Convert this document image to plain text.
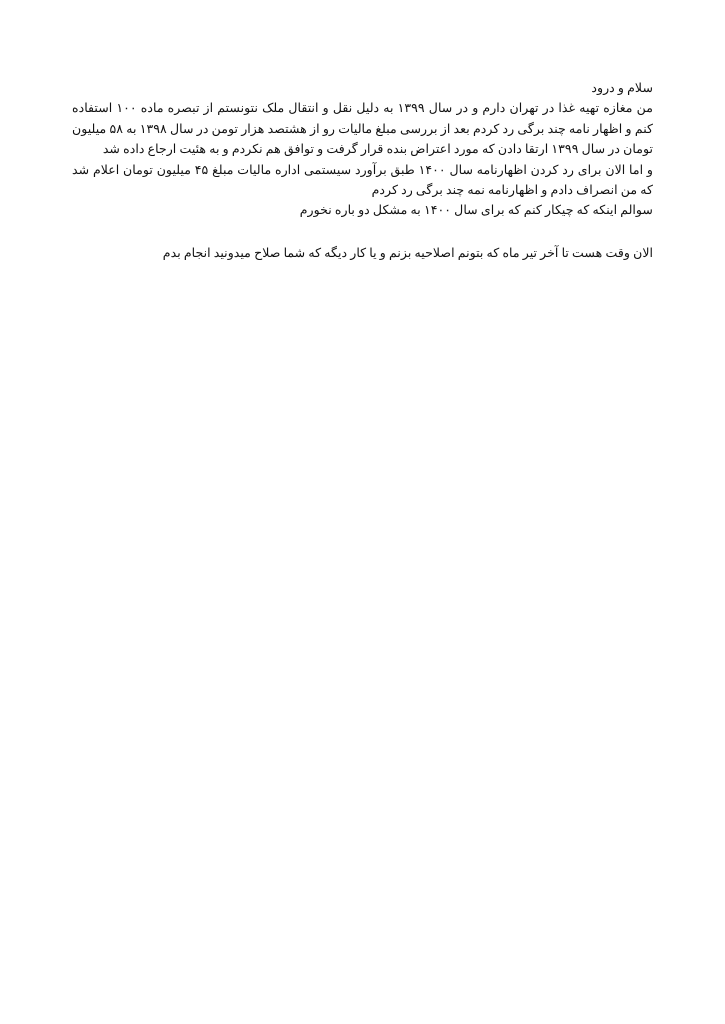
سلام و درود

من مغازه تهیه غذا در تهران دارم و در سال ۱۳۹۹ به دلیل نقل و انتقال ملک نتونستم از تبصره ماده ۱۰۰ استفاده کنم و اظهار نامه چند برگی رد کردم بعد از بررسی مبلغ مالیات رو از هشتصد هزار تومن در سال ۱۳۹۸ به ۵۸ میلیون تومان در سال ۱۳۹۹ ارتقا دادن که مورد اعتراض بنده قرار گرفت و توافق هم نکردم و به هئیت ارجاع داده شد

و اما الان برای رد کردن اظهارنامه سال ۱۴۰۰ طبق برآورد سیستمی اداره مالیات مبلغ ۴۵ میلیون تومان اعلام شد که من انصراف دادم و اظهارنامه نمه چند برگی رد کردم

سوالم اینکه که چیکار کنم که برای سال ۱۴۰۰ به مشکل دو باره نخورم

الان وقت هست تا آخر تیر ماه که بتونم اصلاحیه بزنم و یا کار دیگه که شما صلاح میدونید انجام بدم
